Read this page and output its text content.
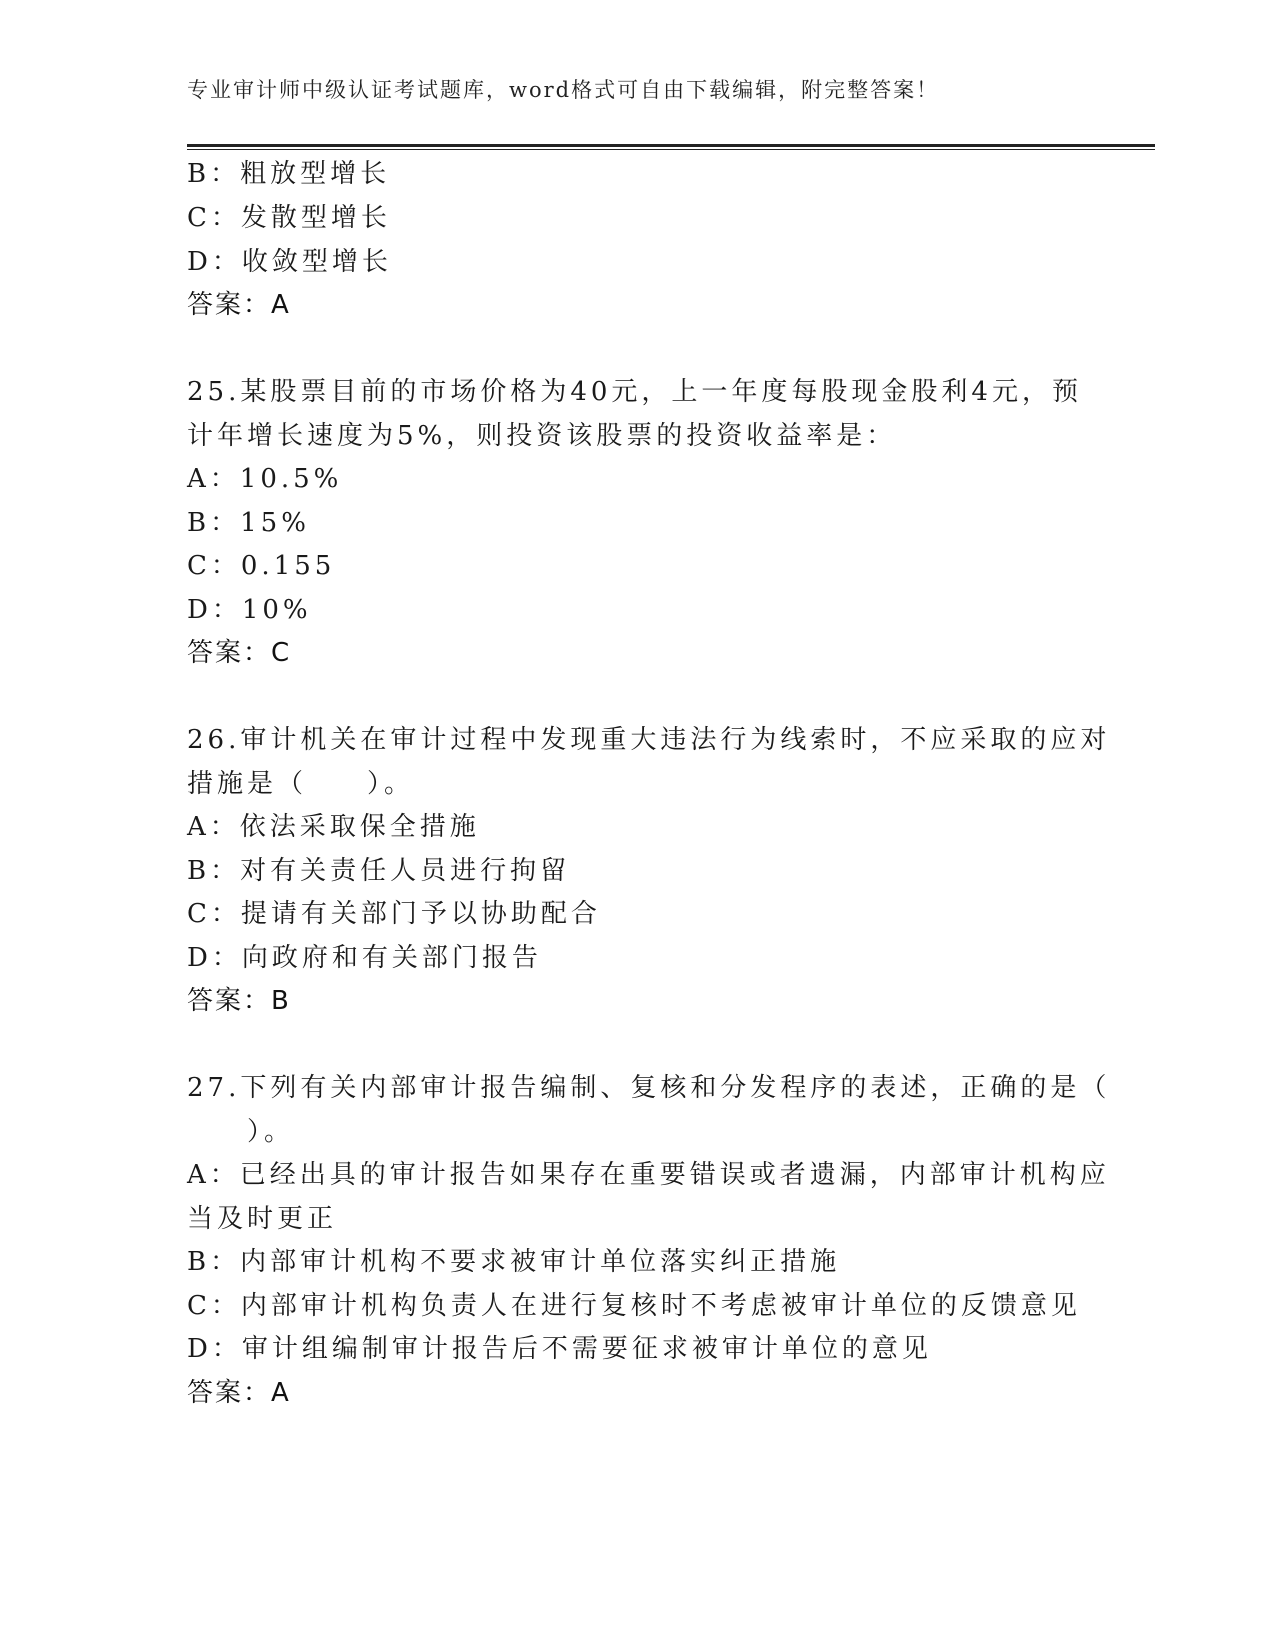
专业审计师中级认证考试题库，word格式可自由下载编辑，附完整答案！
B：粗放型增长
C：发散型增长
D：收敛型增长
答案：A
25.某股票目前的市场价格为40元，上一年度每股现金股利4元，预
计年增长速度为5%，则投资该股票的投资收益率是：
A：10.5%
B：15%
C：0.155
D：10%
答案：C
26.审计机关在审计过程中发现重大违法行为线索时，不应采取的应对
措施是（　　）。
A：依法采取保全措施
B：对有关责任人员进行拘留
C：提请有关部门予以协助配合
D：向政府和有关部门报告
答案：B
27.下列有关内部审计报告编制、复核和分发程序的表述，正确的是（
　　）。
A：已经出具的审计报告如果存在重要错误或者遗漏，内部审计机构应
当及时更正
B：内部审计机构不要求被审计单位落实纠正措施
C：内部审计机构负责人在进行复核时不考虑被审计单位的反馈意见
D：审计组编制审计报告后不需要征求被审计单位的意见
答案：A
